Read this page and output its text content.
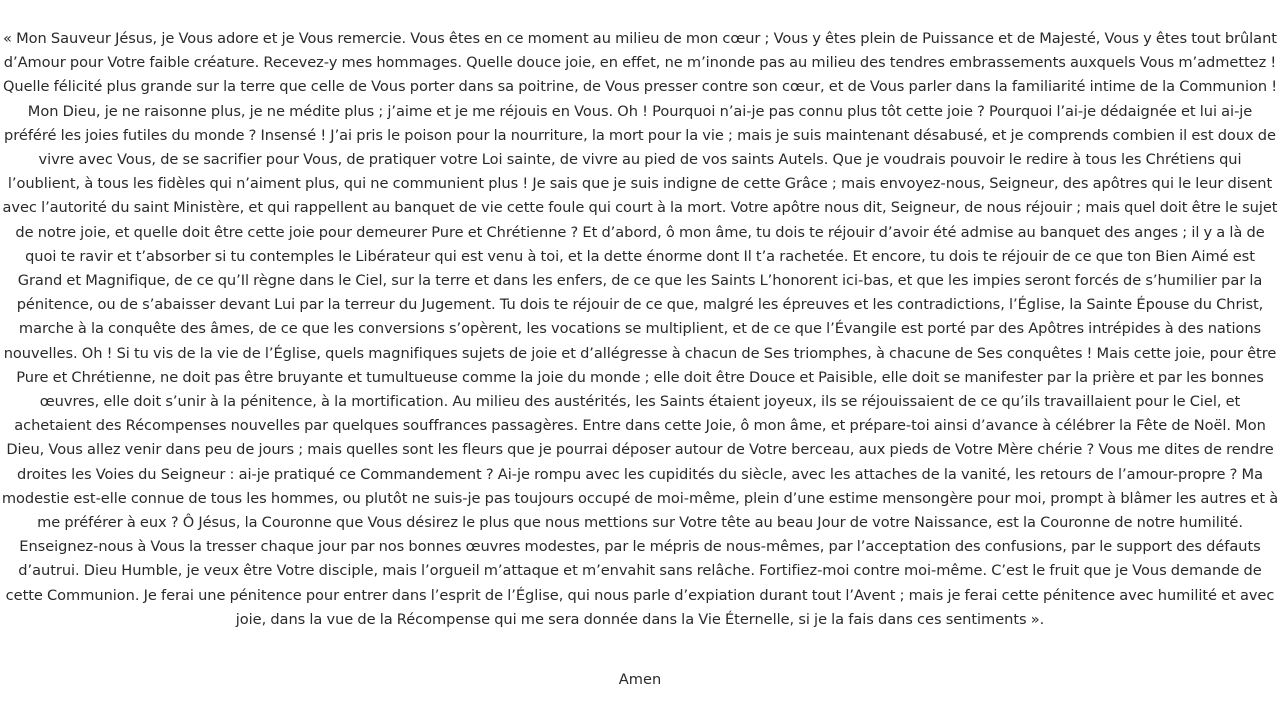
« Mon Sauveur Jésus, je Vous adore et je Vous remercie. Vous êtes en ce moment au milieu de mon cœur ; Vous y êtes plein de Puissance et de Majesté, Vous y êtes tout brûlant d’Amour pour Votre faible créature. Recevez-y mes hommages. Quelle douce joie, en effet, ne m’inonde pas au milieu des tendres embrassements auxquels Vous m’admettez ! Quelle félicité plus grande sur la terre que celle de Vous porter dans sa poitrine, de Vous presser contre son cœur, et de Vous parler dans la familiarité intime de la Communion ! Mon Dieu, je ne raisonne plus, je ne médite plus ; j’aime et je me réjouis en Vous. Oh ! Pourquoi n’ai-je pas connu plus tôt cette joie ? Pourquoi l’ai-je dédaignée et lui ai-je préféré les joies futiles du monde ? Insensé ! J’ai pris le poison pour la nourriture, la mort pour la vie ; mais je suis maintenant désabusé, et je comprends combien il est doux de vivre avec Vous, de se sacrifier pour Vous, de pratiquer votre Loi sainte, de vivre au pied de vos saints Autels. Que je voudrais pouvoir le redire à tous les Chrétiens qui l’oublient, à tous les fidèles qui n’aiment plus, qui ne communient plus ! Je sais que je suis indigne de cette Grâce ; mais envoyez-nous, Seigneur, des apôtres qui le leur disent avec l’autorité du saint Ministère, et qui rappellent au banquet de vie cette foule qui court à la mort. Votre apôtre nous dit, Seigneur, de nous réjouir ; mais quel doit être le sujet de notre joie, et quelle doit être cette joie pour demeurer Pure et Chrétienne ? Et d’abord, ô mon âme, tu dois te réjouir d’avoir été admise au banquet des anges ; il y a là de quoi te ravir et t’absorber si tu contemples le Libérateur qui est venu à toi, et la dette énorme dont Il t’a rachetée. Et encore, tu dois te réjouir de ce que ton Bien Aimé est Grand et Magnifique, de ce qu’Il règne dans le Ciel, sur la terre et dans les enfers, de ce que les Saints L’honorent ici-bas, et que les impies seront forcés de s’humilier par la pénitence, ou de s’abaisser devant Lui par la terreur du Jugement. Tu dois te réjouir de ce que, malgré les épreuves et les contradictions, l’Église, la Sainte Épouse du Christ, marche à la conquête des âmes, de ce que les conversions s’opèrent, les vocations se multiplient, et de ce que l’Évangile est porté par des Apôtres intrépides à des nations nouvelles. Oh ! Si tu vis de la vie de l’Église, quels magnifiques sujets de joie et d’allégresse à chacun de Ses triomphes, à chacune de Ses conquêtes ! Mais cette joie, pour être Pure et Chrétienne, ne doit pas être bruyante et tumultueuse comme la joie du monde ; elle doit être Douce et Paisible, elle doit se manifester par la prière et par les bonnes œuvres, elle doit s’unir à la pénitence, à la mortification. Au milieu des austérités, les Saints étaient joyeux, ils se réjouissaient de ce qu’ils travaillaient pour le Ciel, et achetaient des Récompenses nouvelles par quelques souffrances passagères. Entre dans cette Joie, ô mon âme, et prépare-toi ainsi d’avance à célébrer la Fête de Noël. Mon Dieu, Vous allez venir dans peu de jours ; mais quelles sont les fleurs que je pourrai déposer autour de Votre berceau, aux pieds de Votre Mère chérie ? Vous me dites de rendre droites les Voies du Seigneur : ai-je pratiqué ce Commandement ? Ai-je rompu avec les cupidités du siècle, avec les attaches de la vanité, les retours de l’amour-propre ? Ma modestie est-elle connue de tous les hommes, ou plutôt ne suis-je pas toujours occupé de moi-même, plein d’une estime mensongère pour moi, prompt à blâmer les autres et à me préférer à eux ? Ô Jésus, la Couronne que Vous désirez le plus que nous mettions sur Votre tête au beau Jour de votre Naissance, est la Couronne de notre humilité. Enseignez-nous à Vous la tresser chaque jour par nos bonnes œuvres modestes, par le mépris de nous-mêmes, par l’acceptation des confusions, par le support des défauts d’autrui. Dieu Humble, je veux être Votre disciple, mais l’orgueil m’attaque et m’envahit sans relâche. Fortifiez-moi contre moi-même. C’est le fruit que je Vous demande de cette Communion. Je ferai une pénitence pour entrer dans l’esprit de l’Église, qui nous parle d’expiation durant tout l’Avent ; mais je ferai cette pénitence avec humilité et avec joie, dans la vue de la Récompense qui me sera donnée dans la Vie Éternelle, si je la fais dans ces sentiments ».

Amen
